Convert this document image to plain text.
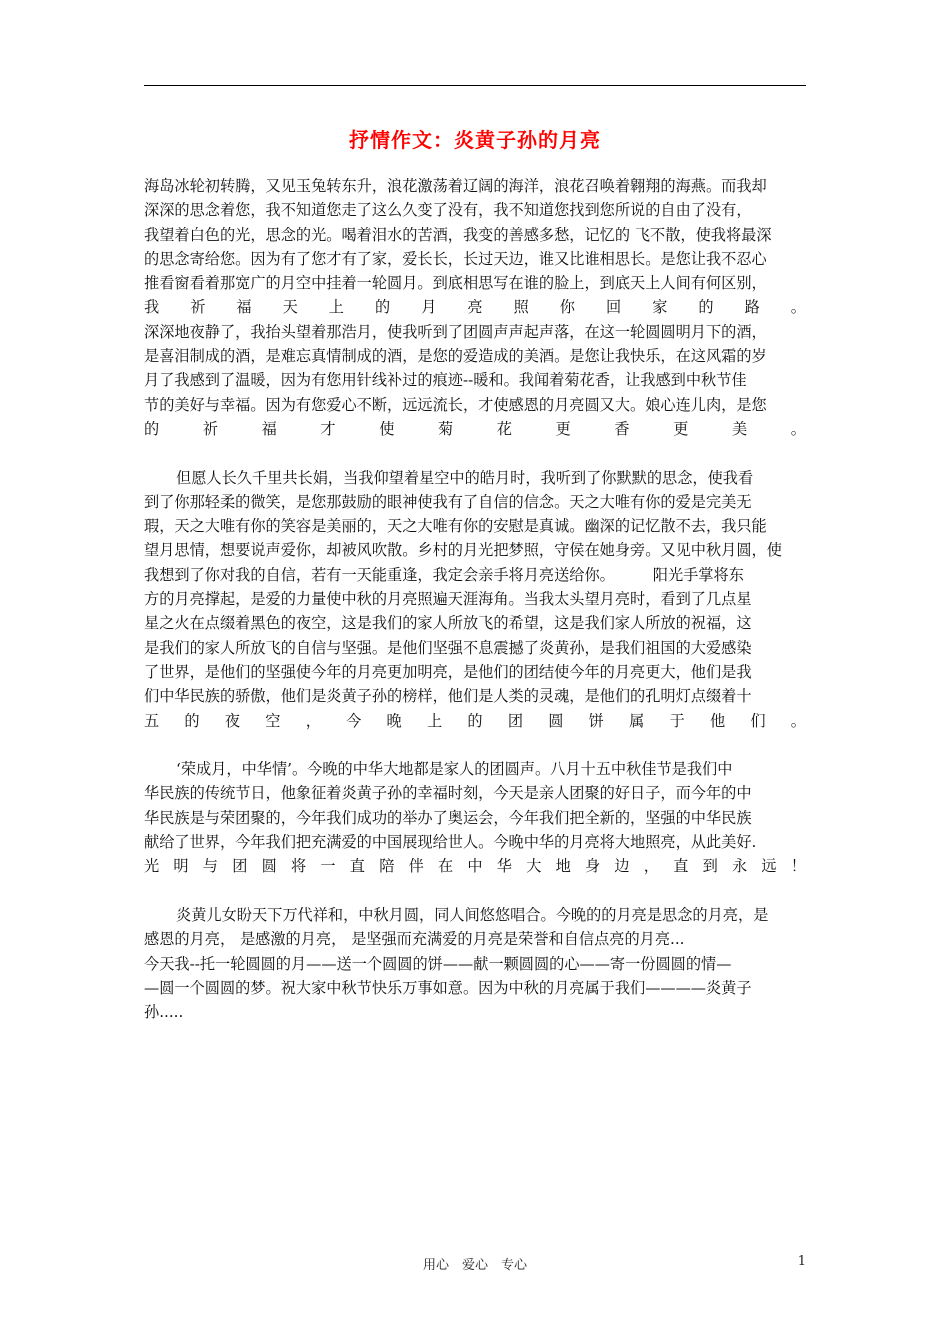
抒情作文：炎黄子孙的月亮
海岛冰轮初转腾，又见玉兔转东升，浪花激荡着辽阔的海洋，浪花召唤着翱翔的海燕。而我却
深深的思念着您，我不知道您走了这么久变了没有，我不知道您找到您所说的自由了没有，
我望着白色的光，思念的光。喝着泪水的苦酒，我变的善感多愁，记忆的 飞不散，使我将最深
的思念寄给您。因为有了您才有了家，爱长长，长过天边，谁又比谁相思长。是您让我不忍心
推看窗看着那宽广的月空中挂着一轮圆月。到底相思写在谁的脸上，到底天上人间有何区别，
我 祈 福 天 上 的 月 亮 照 你 回 家 的 路 。
深深地夜静了，我抬头望着那浩月，使我听到了团圆声声起声落，在这一轮圆圆明月下的酒，
是喜泪制成的酒，是难忘真情制成的酒，是您的爱造成的美酒。是您让我快乐，在这风霜的岁
月了我感到了温暖，因为有您用针线补过的痕迹--暖和。我闻着菊花香，让我感到中秋节佳
节的美好与幸福。因为有您爱心不断，远远流长，才使感恩的月亮圆又大。娘心连儿肉，是您
的 祈 福 才 使 菊 花 更 香 更 美 。
但愿人长久千里共长娟，当我仰望着星空中的皓月时，我听到了你默默的思念，使我看
到了你那轻柔的微笑，是您那鼓励的眼神使我有了自信的信念。天之大唯有你的爱是完美无
瑕，天之大唯有你的笑容是美丽的，天之大唯有你的安慰是真诚。幽深的记忆散不去，我只能
望月思情，想要说声爱你，却被风吹散。乡村的月光把梦照，守侯在她身旁。又见中秋月圆，使
我想到了你对我的自信，若有一天能重逢，我定会亲手将月亮送给你。　　　阳光手掌将东
方的月亮撑起，是爱的力量使中秋的月亮照遍天涯海角。当我太头望月亮时，看到了几点星
星之火在点缀着黑色的夜空，这是我们的家人所放飞的希望，这是我们家人所放的祝福，这
是我们的家人所放飞的自信与坚强。是他们坚强不息震撼了炎黄孙，是我们祖国的大爱感染
了世界，是他们的坚强使今年的月亮更加明亮，是他们的团结使今年的月亮更大，他们是我
们中华民族的骄傲，他们是炎黄子孙的榜样，他们是人类的灵魂，是他们的孔明灯点缀着十
五 的 夜 空 ， 今 晚 上 的 团 圆 饼 属 于 他 们 。
‘荣成月，中华情’。今晚的中华大地都是家人的团圆声。八月十五中秋佳节是我们中
华民族的传统节日，他象征着炎黄子孙的幸福时刻，今天是亲人团聚的好日子，而今年的中
华民族是与荣团聚的，今年我们成功的举办了奥运会，今年我们把全新的，坚强的中华民族
献给了世界，今年我们把充满爱的中国展现给世人。今晚中华的月亮将大地照亮，从此美好.
光 明 与 团 圆 将 一 直 陪 伴 在 中 华 大 地 身 边 ， 直 到 永 远 ！
炎黄儿女盼天下万代祥和，中秋月圆，同人间悠悠唱合。今晚的的月亮是思念的月亮，是
感恩的月亮， 是感激的月亮， 是坚强而充满爱的月亮是荣誉和自信点亮的月亮...
今天我--托一轮圆圆的月——送一个圆圆的饼——献一颗圆圆的心——寄一份圆圆的情—
—圆一个圆圆的梦。祝大家中秋节快乐万事如意。因为中秋的月亮属于我们————炎黄子
孙.....
用心　爱心　专心	1
